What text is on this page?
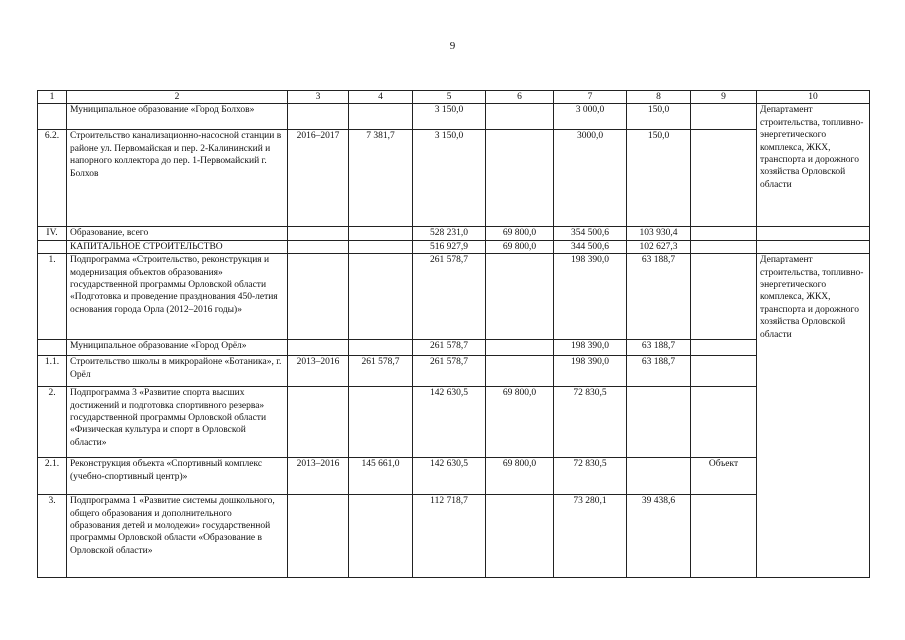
9
1	2	3	4	5	6	7	8	9	10	
	Муниципальное образование «Город Болхов»			3 150,0		3 000,0	150,0		Департамент строительства, топливно-энергетического комплекса, ЖКХ, транспорта и дорожного хозяйства Орловской области	
6.2.	Строительство канализационно-насосной станции в районе ул. Первомайская и пер. 2-Калининский и напорного коллектора до пер. 1-Первомайский г. Болхов	2016–2017	7 381,7	3 150,0		3000,0	150,0			
IV.	Образование, всего			528 231,0	69 800,0	354 500,6	103 930,4			
	КАПИТАЛЬНОЕ СТРОИТЕЛЬСТВО			516 927,9	69 800,0	344 500,6	102 627,3			
1.	Подпрограмма «Строительство, реконструкция и модернизация объектов образования» государственной программы Орловской области «Подготовка и проведение празднования 450-летия основания города Орла (2012–2016 годы)»			261 578,7		198 390,0	63 188,7		Департамент строительства, топливно-энергетического комплекса, ЖКХ, транспорта и дорожного хозяйства Орловской области	
	Муниципальное образование «Город Орёл»			261 578,7		198 390,0	63 188,7			
1.1.	Строительство школы в микрорайоне «Ботаника», г. Орёл	2013–2016	261 578,7	261 578,7		198 390,0	63 188,7			
2.	Подпрограмма 3 «Развитие спорта высших достижений и подготовка спортивного резерва» государственной программы Орловской области «Физическая культура и спорт в Орловской области»			142 630,5	69 800,0	72 830,5				
2.1.	Реконструкция объекта «Спортивный комплекс (учебно-спортивный центр)»	2013–2016	145 661,0	142 630,5	69 800,0	72 830,5		Объект		
3.	Подпрограмма 1 «Развитие системы дошкольного, общего образования и дополнительного образования детей и молодежи» государственной программы Орловской области «Образование в Орловской области»			112 718,7		73 280,1	39 438,6			
